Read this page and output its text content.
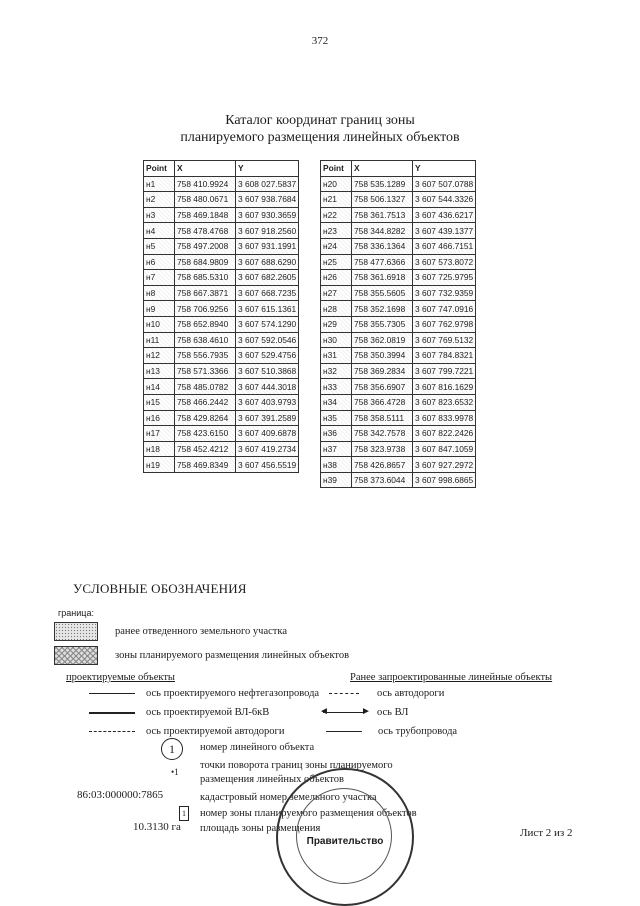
372
Каталог координат границ зоны
планируемого размещения линейных объектов
Point	X	Y
н1	758 410.9924	3 608 027.5837
н2	758 480.0671	3 607 938.7684
н3	758 469.1848	3 607 930.3659
н4	758 478.4768	3 607 918.2560
н5	758 497.2008	3 607 931.1991
н6	758 684.9809	3 607 688.6290
н7	758 685.5310	3 607 682.2605
н8	758 667.3871	3 607 668.7235
н9	758 706.9256	3 607 615.1361
н10	758 652.8940	3 607 574.1290
н11	758 638.4610	3 607 592.0546
н12	758 556.7935	3 607 529.4756
н13	758 571.3366	3 607 510.3868
н14	758 485.0782	3 607 444.3018
н15	758 466.2442	3 607 403.9793
н16	758 429.8264	3 607 391.2589
н17	758 423.6150	3 607 409.6878
н18	758 452.4212	3 607 419.2734
н19	758 469.8349	3 607 456.5519
Point	X	Y
н20	758 535.1289	3 607 507.0788
н21	758 506.1327	3 607 544.3326
н22	758 361.7513	3 607 436.6217
н23	758 344.8282	3 607 439.1377
н24	758 336.1364	3 607 466.7151
н25	758 477.6366	3 607 573.8072
н26	758 361.6918	3 607 725.9795
н27	758 355.5605	3 607 732.9359
н28	758 352.1698	3 607 747.0916
н29	758 355.7305	3 607 762.9798
н30	758 362.0819	3 607 769.5132
н31	758 350.3994	3 607 784.8321
н32	758 369.2834	3 607 799.7221
н33	758 356.6907	3 607 816.1629
н34	758 366.4728	3 607 823.6532
н35	758 358.5111	3 607 833.9978
н36	758 342.7578	3 607 822.2426
н37	758 323.9738	3 607 847.1059
н38	758 426.8657	3 607 927.2972
н39	758 373.6044	3 607 998.6865
УСЛОВНЫЕ ОБОЗНАЧЕНИЯ
граница:
ранее отведенного земельного участка
зоны планируемого размещения линейных объектов
проектируемые объекты	Ранее запроектированные линейные объекты
ось проектируемого нефтегазопровода
ось проектируемой ВЛ-6кВ
ось проектируемой автодороги
ось автодороги
◄	► ось ВЛ
ось трубопровода
1	номер линейного объекта
•1
точки поворота границ зоны планируемого
размещения линейных объектов
86:03:000000:7865	кадастровый номер земельного участка
1 номер зоны планируемого размещения объектов
10.3130 га площадь зоны размещения	Лист 2 из 2
Правительство
